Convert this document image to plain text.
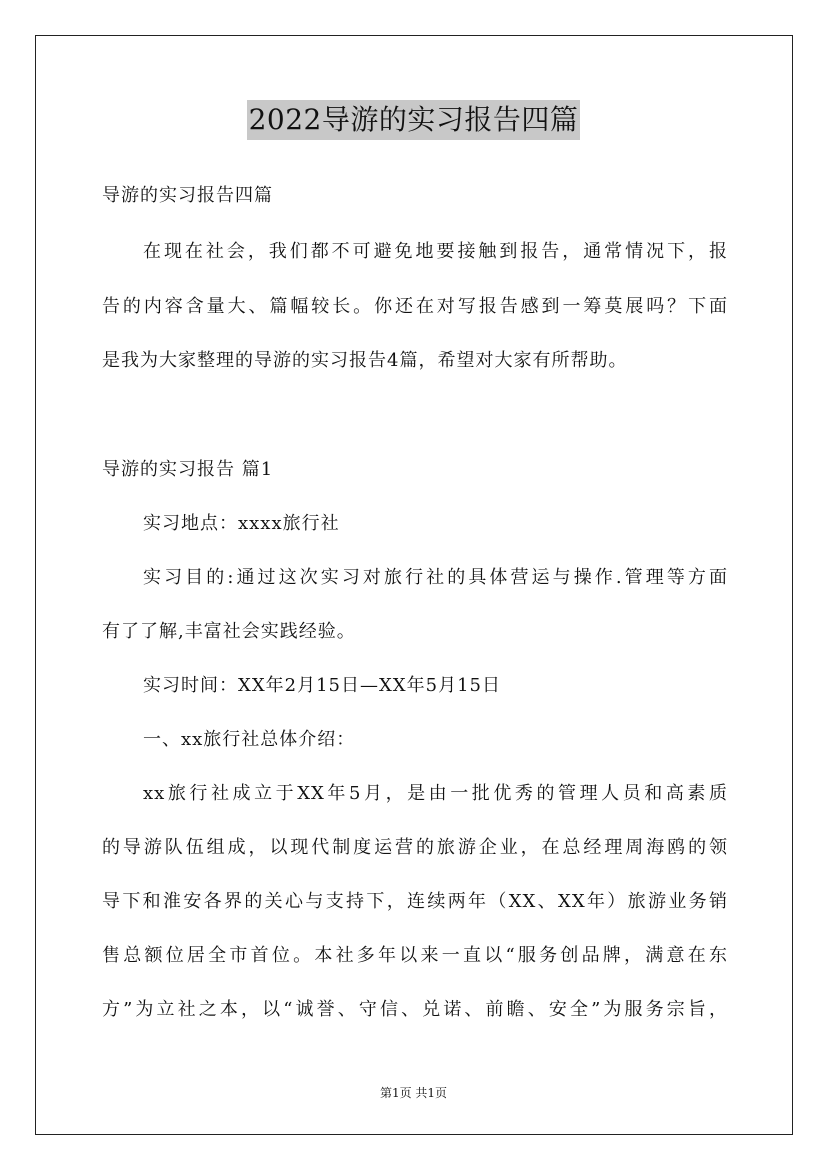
2022导游的实习报告四篇
导游的实习报告四篇
在现在社会，我们都不可避免地要接触到报告，通常情况下，报
告的内容含量大、篇幅较长。你还在对写报告感到一筹莫展吗？下面
是我为大家整理的导游的实习报告4篇，希望对大家有所帮助。
导游的实习报告 篇1
实习地点：xxxx旅行社
实习目的:通过这次实习对旅行社的具体营运与操作.管理等方面
有了了解,丰富社会实践经验。
实习时间：XX年2月15日—XX年5月15日
一、xx旅行社总体介绍：
xx旅行社成立于XX年5月，是由一批优秀的管理人员和高素质
的导游队伍组成，以现代制度运营的旅游企业，在总经理周海鸥的领
导下和淮安各界的关心与支持下，连续两年（XX、XX年）旅游业务销
售总额位居全市首位。本社多年以来一直以“服务创品牌，满意在东
方”为立社之本，以“诚誉、守信、兑诺、前瞻、安全”为服务宗旨，
第1页 共1页
